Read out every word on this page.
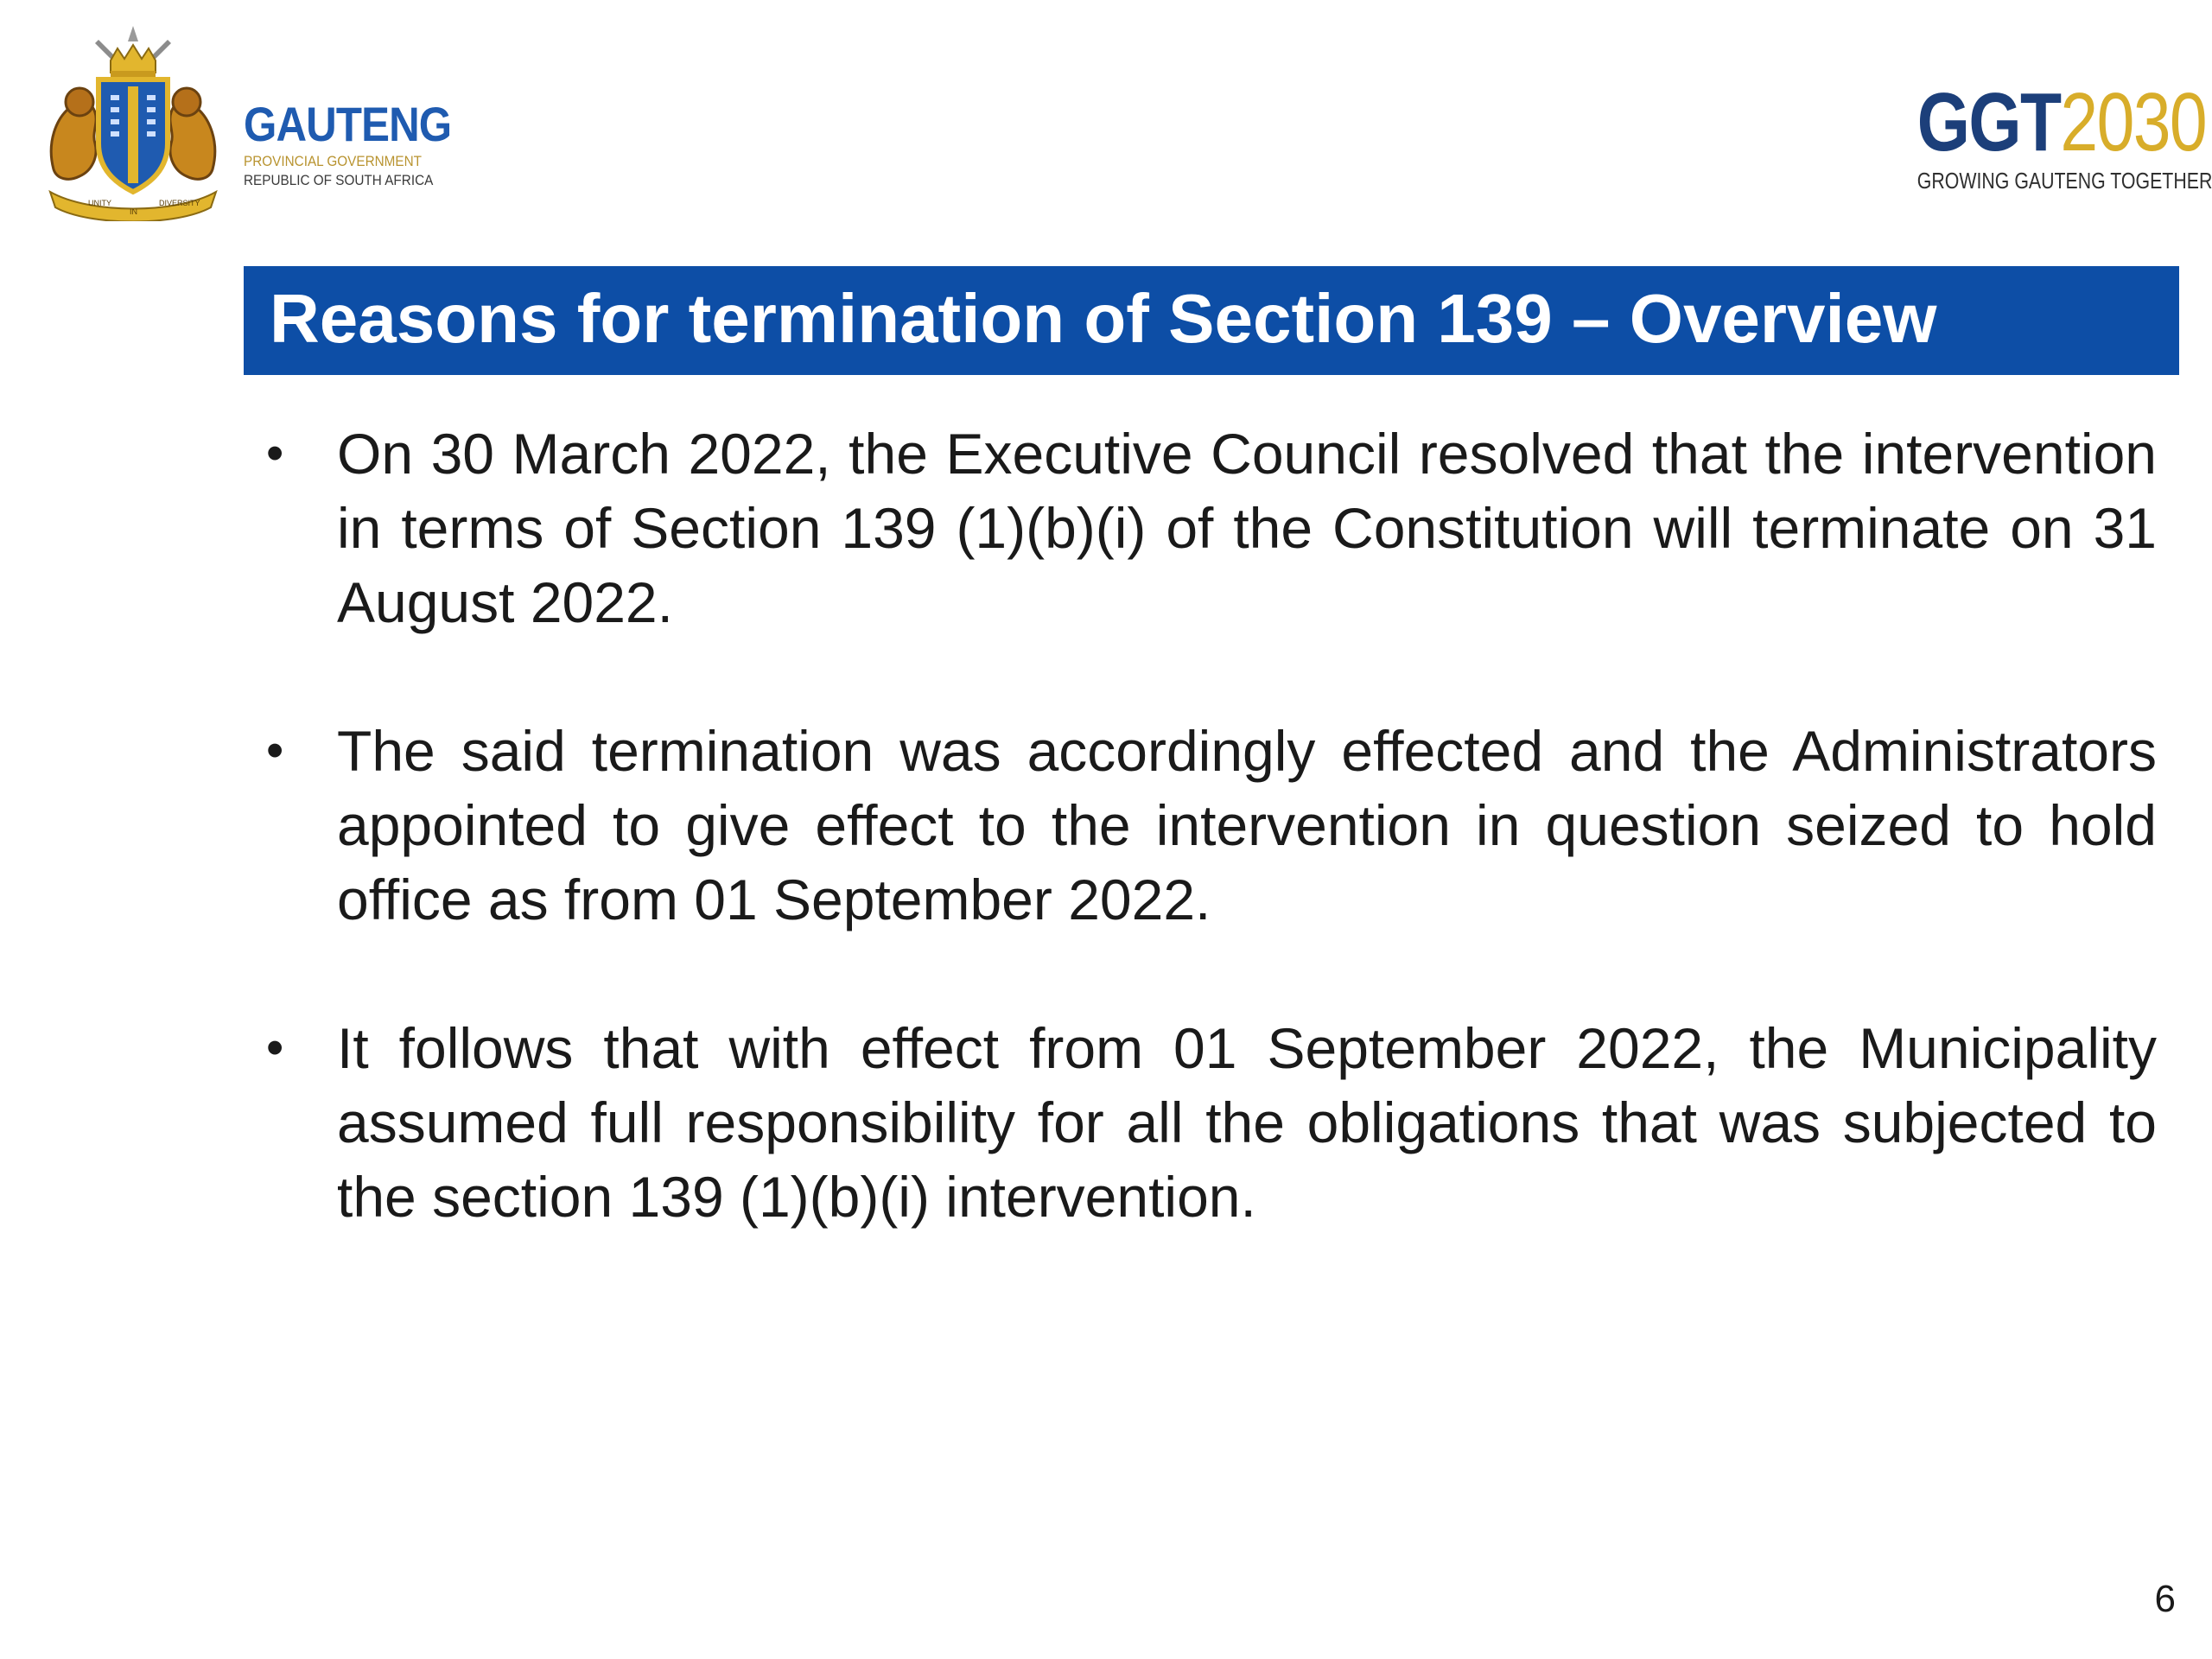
UNITY
IN
DIVERSITY
GAUTENG
PROVINCIAL GOVERNMENT
REPUBLIC OF SOUTH AFRICA
GGT2030
GROWING GAUTENG TOGETHER
Reasons for termination of Section 139 – Overview
• On 30 March 2022, the Executive Council resolved that the intervention in terms of Section 139 (1)(b)(i) of the Constitution will terminate on 31 August 2022.
• The said termination was accordingly effected and the Administrators appointed to give effect to the intervention in question seized to hold office as from 01 September 2022.
• It follows that with effect from 01 September 2022, the Municipality assumed full responsibility for all the obligations that was subjected to the section 139 (1)(b)(i) intervention.
6
